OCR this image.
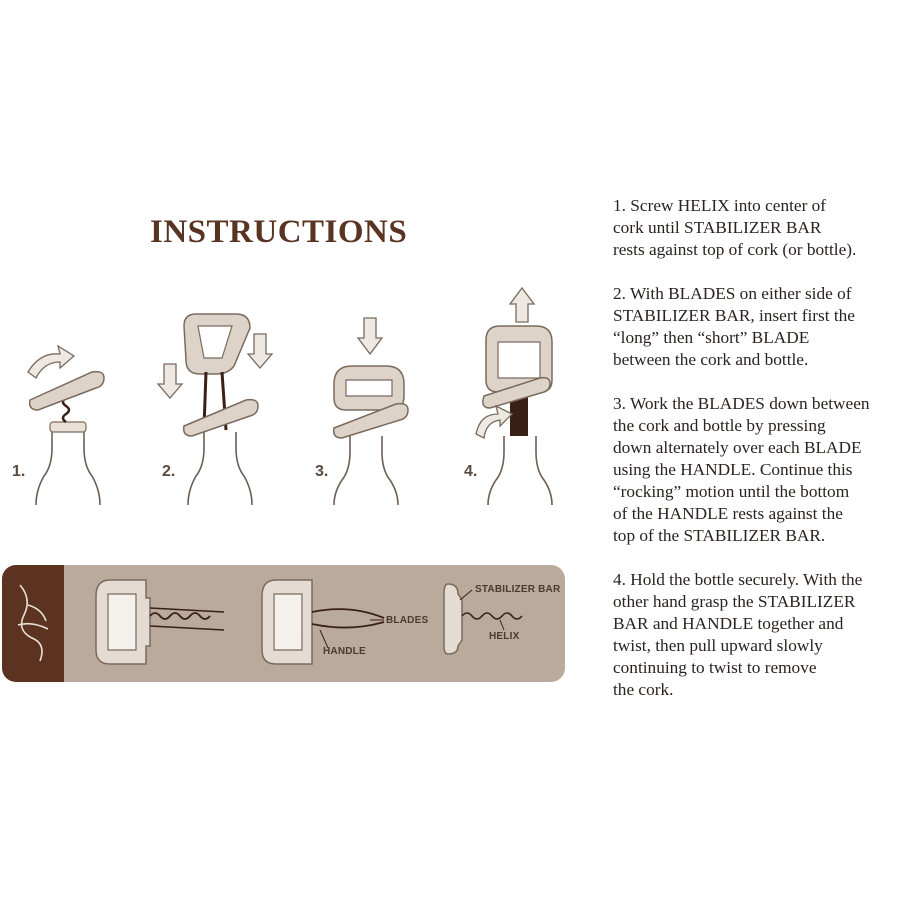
INSTRUCTIONS
1.	2.	3.	4.
BLADES
HANDLE
STABILIZER BAR
HELIX

1. Screw HELIX into center of
cork until STABILIZER BAR
rests against top of cork (or bottle).

2. With BLADES on either side of
STABILIZER BAR, insert first the
“long” then “short” BLADE
between the cork and bottle.

3. Work the BLADES down between
the cork and bottle by pressing
down alternately over each BLADE
using the HANDLE. Continue this
“rocking” motion until the bottom
of the HANDLE rests against the
top of the STABILIZER BAR.

4. Hold the bottle securely. With the
other hand grasp the STABILIZER
BAR and HANDLE together and
twist, then pull upward slowly
continuing to twist to remove
the cork.
